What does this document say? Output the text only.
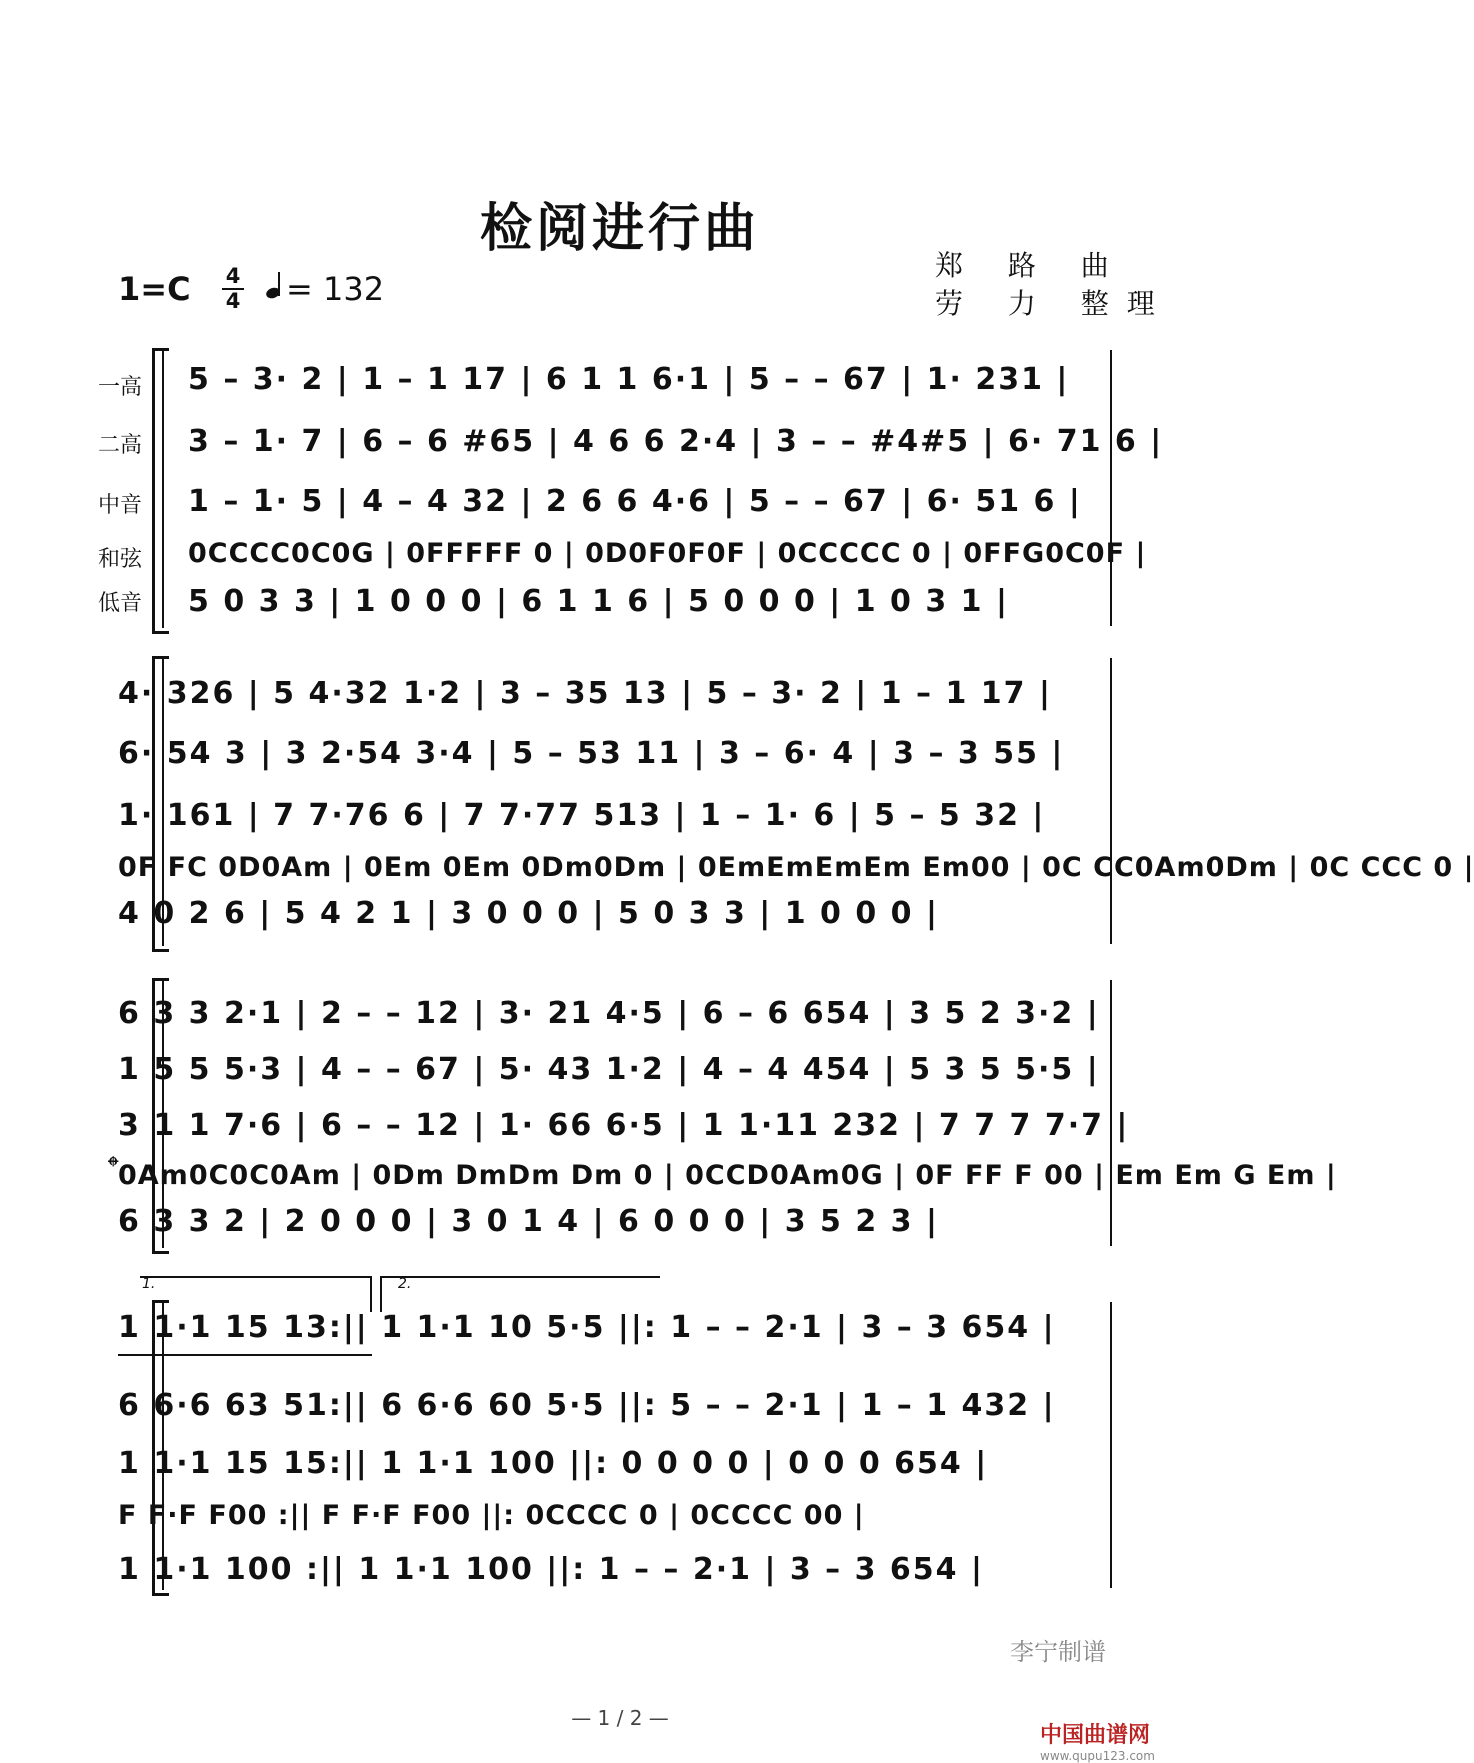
检阅进行曲
郑 路 曲
劳 力 整理
1=C 4
4	= 132
一高
二高
中音
和弦
低音
5 – 3· 2 | 1 – 1 17 | 6 1 1 6·1 | 5 – – 67 | 1· 231 |
3 – 1· 7 | 6 – 6 #65 | 4 6 6 2·4 | 3 – – #4#5 | 6· 71 6 |
1 – 1· 5 | 4 – 4 32 | 2 6 6 4·6 | 5 – – 67 | 6· 51 6 |
0CCCC0C0G | 0FFFFF 0 | 0D0F0F0F | 0CCCCC 0 | 0FFG0C0F |
5 0 3 3 | 1 0 0 0 | 6 1 1 6 | 5 0 0 0 | 1 0 3 1 |
4· 326 | 5 4·32 1·2 | 3 – 35 13 | 5 – 3· 2 | 1 – 1 17 |
6· 54 3 | 3 2·54 3·4 | 5 – 53 11 | 3 – 6· 4 | 3 – 3 55 |
1· 161 | 7 7·76 6 | 7 7·77 513 | 1 – 1· 6 | 5 – 5 32 |
0F FC 0D0Am | 0Em 0Em 0Dm0Dm | 0EmEmEmEm Em00 | 0C CC0Am0Dm | 0C CCC 0 |
4 0 2 6 | 5 4 2 1 | 3 0 0 0 | 5 0 3 3 | 1 0 0 0 |
6 3 3 2·1 | 2 – – 12 | 3· 21 4·5 | 6 – 6 654 | 3 5 2 3·2 |
1 5 5 5·3 | 4 – – 67 | 5· 43 1·2 | 4 – 4 454 | 5 3 5 5·5 |
3 1 1 7·6 | 6 – – 12 | 1· 66 6·5 | 1 1·11 232 | 7 7 7 7·7 |
0Am0C0C0Am | 0Dm DmDm Dm 0 | 0CCD0Am0G | 0F FF F 00 | Em Em G Em |
6 3 3 2 | 2 0 0 0 | 3 0 1 4 | 6 0 0 0 | 3 5 2 3 |
𝄌
1.	2.
1 1·1 15 13:|| 1 1·1 10 5·5 ||: 1 – – 2·1 | 3 – 3 654 |
6 6·6 63 51:|| 6 6·6 60 5·5 ||: 5 – – 2·1 | 1 – 1 432 |
1 1·1 15 15:|| 1 1·1 100 ||: 0 0 0 0 | 0 0 0 654 |
F F·F F00 :|| F F·F F00 ||: 0CCCC 0 | 0CCCC 00 |
1 1·1 100 :|| 1 1·1 100 ||: 1 – – 2·1 | 3 – 3 654 |
李宁制谱
— 1 / 2 —
中国曲谱网
www.qupu123.com
